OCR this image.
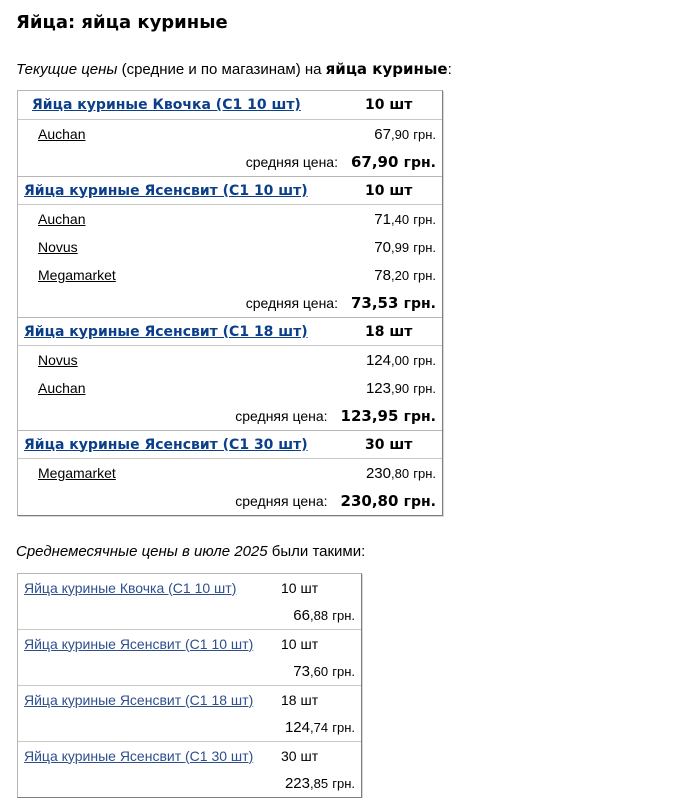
Яйца: яйца куриные

Текущие цены (средние и по магазинам) на яйца куриные:

Яйца куриные Квочка (С1 10 шт)	10 шт
Auchan	67,90 грн.
средняя цена: 67,90 грн.
Яйца куриные Ясенсвит (С1 10 шт)	10 шт
Auchan	71,40 грн.
Novus	70,99 грн.
Megamarket	78,20 грн.
средняя цена: 73,53 грн.
Яйца куриные Ясенсвит (С1 18 шт)	18 шт
Novus	124,00 грн.
Auchan	123,90 грн.
средняя цена: 123,95 грн.
Яйца куриные Ясенсвит (С1 30 шт)	30 шт
Megamarket	230,80 грн.
средняя цена: 230,80 грн.

Среднемесячные цены в июле 2025 были такими:

Яйца куриные Квочка (С1 10 шт)	10 шт
66,88 грн.
Яйца куриные Ясенсвит (С1 10 шт)	10 шт
73,60 грн.
Яйца куриные Ясенсвит (С1 18 шт)	18 шт
124,74 грн.
Яйца куриные Ясенсвит (С1 30 шт)	30 шт
223,85 грн.
